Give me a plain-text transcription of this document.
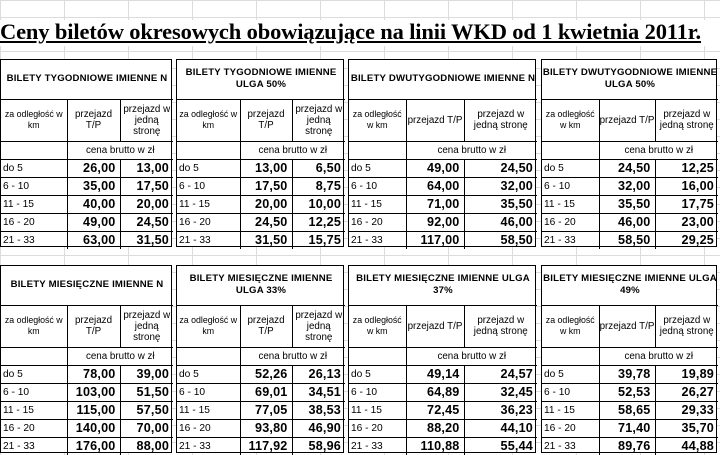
Ceny biletów okresowych obowiązujące na linii WKD od 1 kwietnia 2011r.
BILETY TYGODNIOWE IMIENNE N		
za odległość w km	przejazd T/P	przejazd w jedną stronę
	cena brutto w zł	
do 5	26,00	13,00
6 - 10	35,00	17,50
11 - 15	40,00	20,00
16 - 20	49,00	24,50
21 - 33	63,00	31,50
BILETY TYGODNIOWE IMIENNE ULGA 50%		
za odległość w km	przejazd T/P	przejazd w jedną stronę
	cena brutto w zł	
do 5	13,00	6,50
6 - 10	17,50	8,75
11 - 15	20,00	10,00
16 - 20	24,50	12,25
21 - 33	31,50	15,75
BILETY DWUTYGODNIOWE IMIENNE N		
za odległość w km	przejazd T/P	przejazd w jedną stronę
	cena brutto w zł	
do 5	49,00	24,50
6 - 10	64,00	32,00
11 - 15	71,00	35,50
16 - 20	92,00	46,00
21 - 33	117,00	58,50
BILETY DWUTYGODNIOWE IMIENNE ULGA 50%		
za odległość w km	przejazd T/P	przejazd w jedną stronę
	cena brutto w zł	
do 5	24,50	12,25
6 - 10	32,00	16,00
11 - 15	35,50	17,75
16 - 20	46,00	23,00
21 - 33	58,50	29,25
BILETY MIESIĘCZNE IMIENNE N		
za odległość w km	przejazd T/P	przejazd w jedną stronę
	cena brutto w zł	
do 5	78,00	39,00
6 - 10	103,00	51,50
11 - 15	115,00	57,50
16 - 20	140,00	70,00
21 - 33	176,00	88,00
BILETY MIESIĘCZNE IMIENNE ULGA 33%		
za odległość w km	przejazd T/P	przejazd w jedną stronę
	cena brutto w zł	
do 5	52,26	26,13
6 - 10	69,01	34,51
11 - 15	77,05	38,53
16 - 20	93,80	46,90
21 - 33	117,92	58,96
BILETY MIESIĘCZNE IMIENNE ULGA 37%		
za odległość w km	przejazd T/P	przejazd w jedną stronę
	cena brutto w zł	
do 5	49,14	24,57
6 - 10	64,89	32,45
11 - 15	72,45	36,23
16 - 20	88,20	44,10
21 - 33	110,88	55,44
BILETY MIESIĘCZNE IMIENNE ULGA 49%		
za odległość w km	przejazd T/P	przejazd w jedną stronę
	cena brutto w zł	
do 5	39,78	19,89
6 - 10	52,53	26,27
11 - 15	58,65	29,33
16 - 20	71,40	35,70
21 - 33	89,76	44,88
